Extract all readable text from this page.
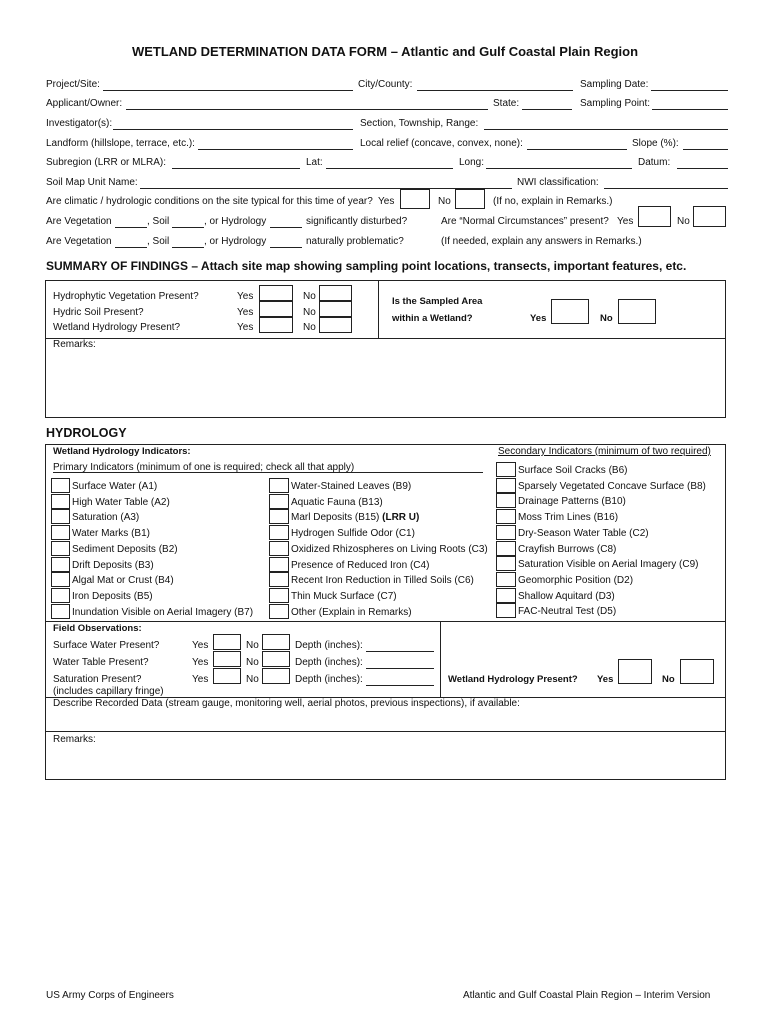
WETLAND DETERMINATION DATA FORM – Atlantic and Gulf Coastal Plain Region
Project/Site:	City/County:	Sampling Date:
Applicant/Owner:	State:	Sampling Point:
Investigator(s):	Section, Township, Range:
Landform (hillslope, terrace, etc.):	Local relief (concave, convex, none):	Slope (%):
Subregion (LRR or MLRA):	Lat:	Long:	Datum:
Soil Map Unit Name:	NWI classification:
Are climatic / hydrologic conditions on the site typical for this time of year? Yes	No	(If no, explain in Remarks.)
Are Vegetation	, Soil	, or Hydrology	significantly disturbed?	Are “Normal Circumstances” present? Yes	No
Are Vegetation	, Soil	, or Hydrology	naturally problematic?	(If needed, explain any answers in Remarks.)
SUMMARY OF FINDINGS – Attach site map showing sampling point locations, transects, important features, etc.
Hydrophytic Vegetation Present?	Yes	No
Hydric Soil Present?	Yes	No
Wetland Hydrology Present?	Yes	No
Is the Sampled Area
within a Wetland?	Yes	No
Remarks:
HYDROLOGY
Wetland Hydrology Indicators:	Secondary Indicators (minimum of two required)
Primary Indicators (minimum of one is required; check all that apply)
Surface Water (A1)
High Water Table (A2)
Saturation (A3)
Water Marks (B1)
Sediment Deposits (B2)
Drift Deposits (B3)
Algal Mat or Crust (B4)
Iron Deposits (B5)
Inundation Visible on Aerial Imagery (B7)
Water-Stained Leaves (B9)
Aquatic Fauna (B13)
Marl Deposits (B15) (LRR U)
Hydrogen Sulfide Odor (C1)
Oxidized Rhizospheres on Living Roots (C3)
Presence of Reduced Iron (C4)
Recent Iron Reduction in Tilled Soils (C6)
Thin Muck Surface (C7)
Other (Explain in Remarks)
Surface Soil Cracks (B6)
Sparsely Vegetated Concave Surface (B8)
Drainage Patterns (B10)
Moss Trim Lines (B16)
Dry-Season Water Table (C2)
Crayfish Burrows (C8)
Saturation Visible on Aerial Imagery (C9)
Geomorphic Position (D2)
Shallow Aquitard (D3)
FAC-Neutral Test (D5)
Field Observations:
Surface Water Present?	Yes	No	Depth (inches):
Water Table Present?	Yes	No	Depth (inches):
Saturation Present?	Yes	No	Depth (inches):
(includes capillary fringe)
Wetland Hydrology Present? Yes	No
Describe Recorded Data (stream gauge, monitoring well, aerial photos, previous inspections), if available:
Remarks:
US Army Corps of Engineers	Atlantic and Gulf Coastal Plain Region – Interim Version
